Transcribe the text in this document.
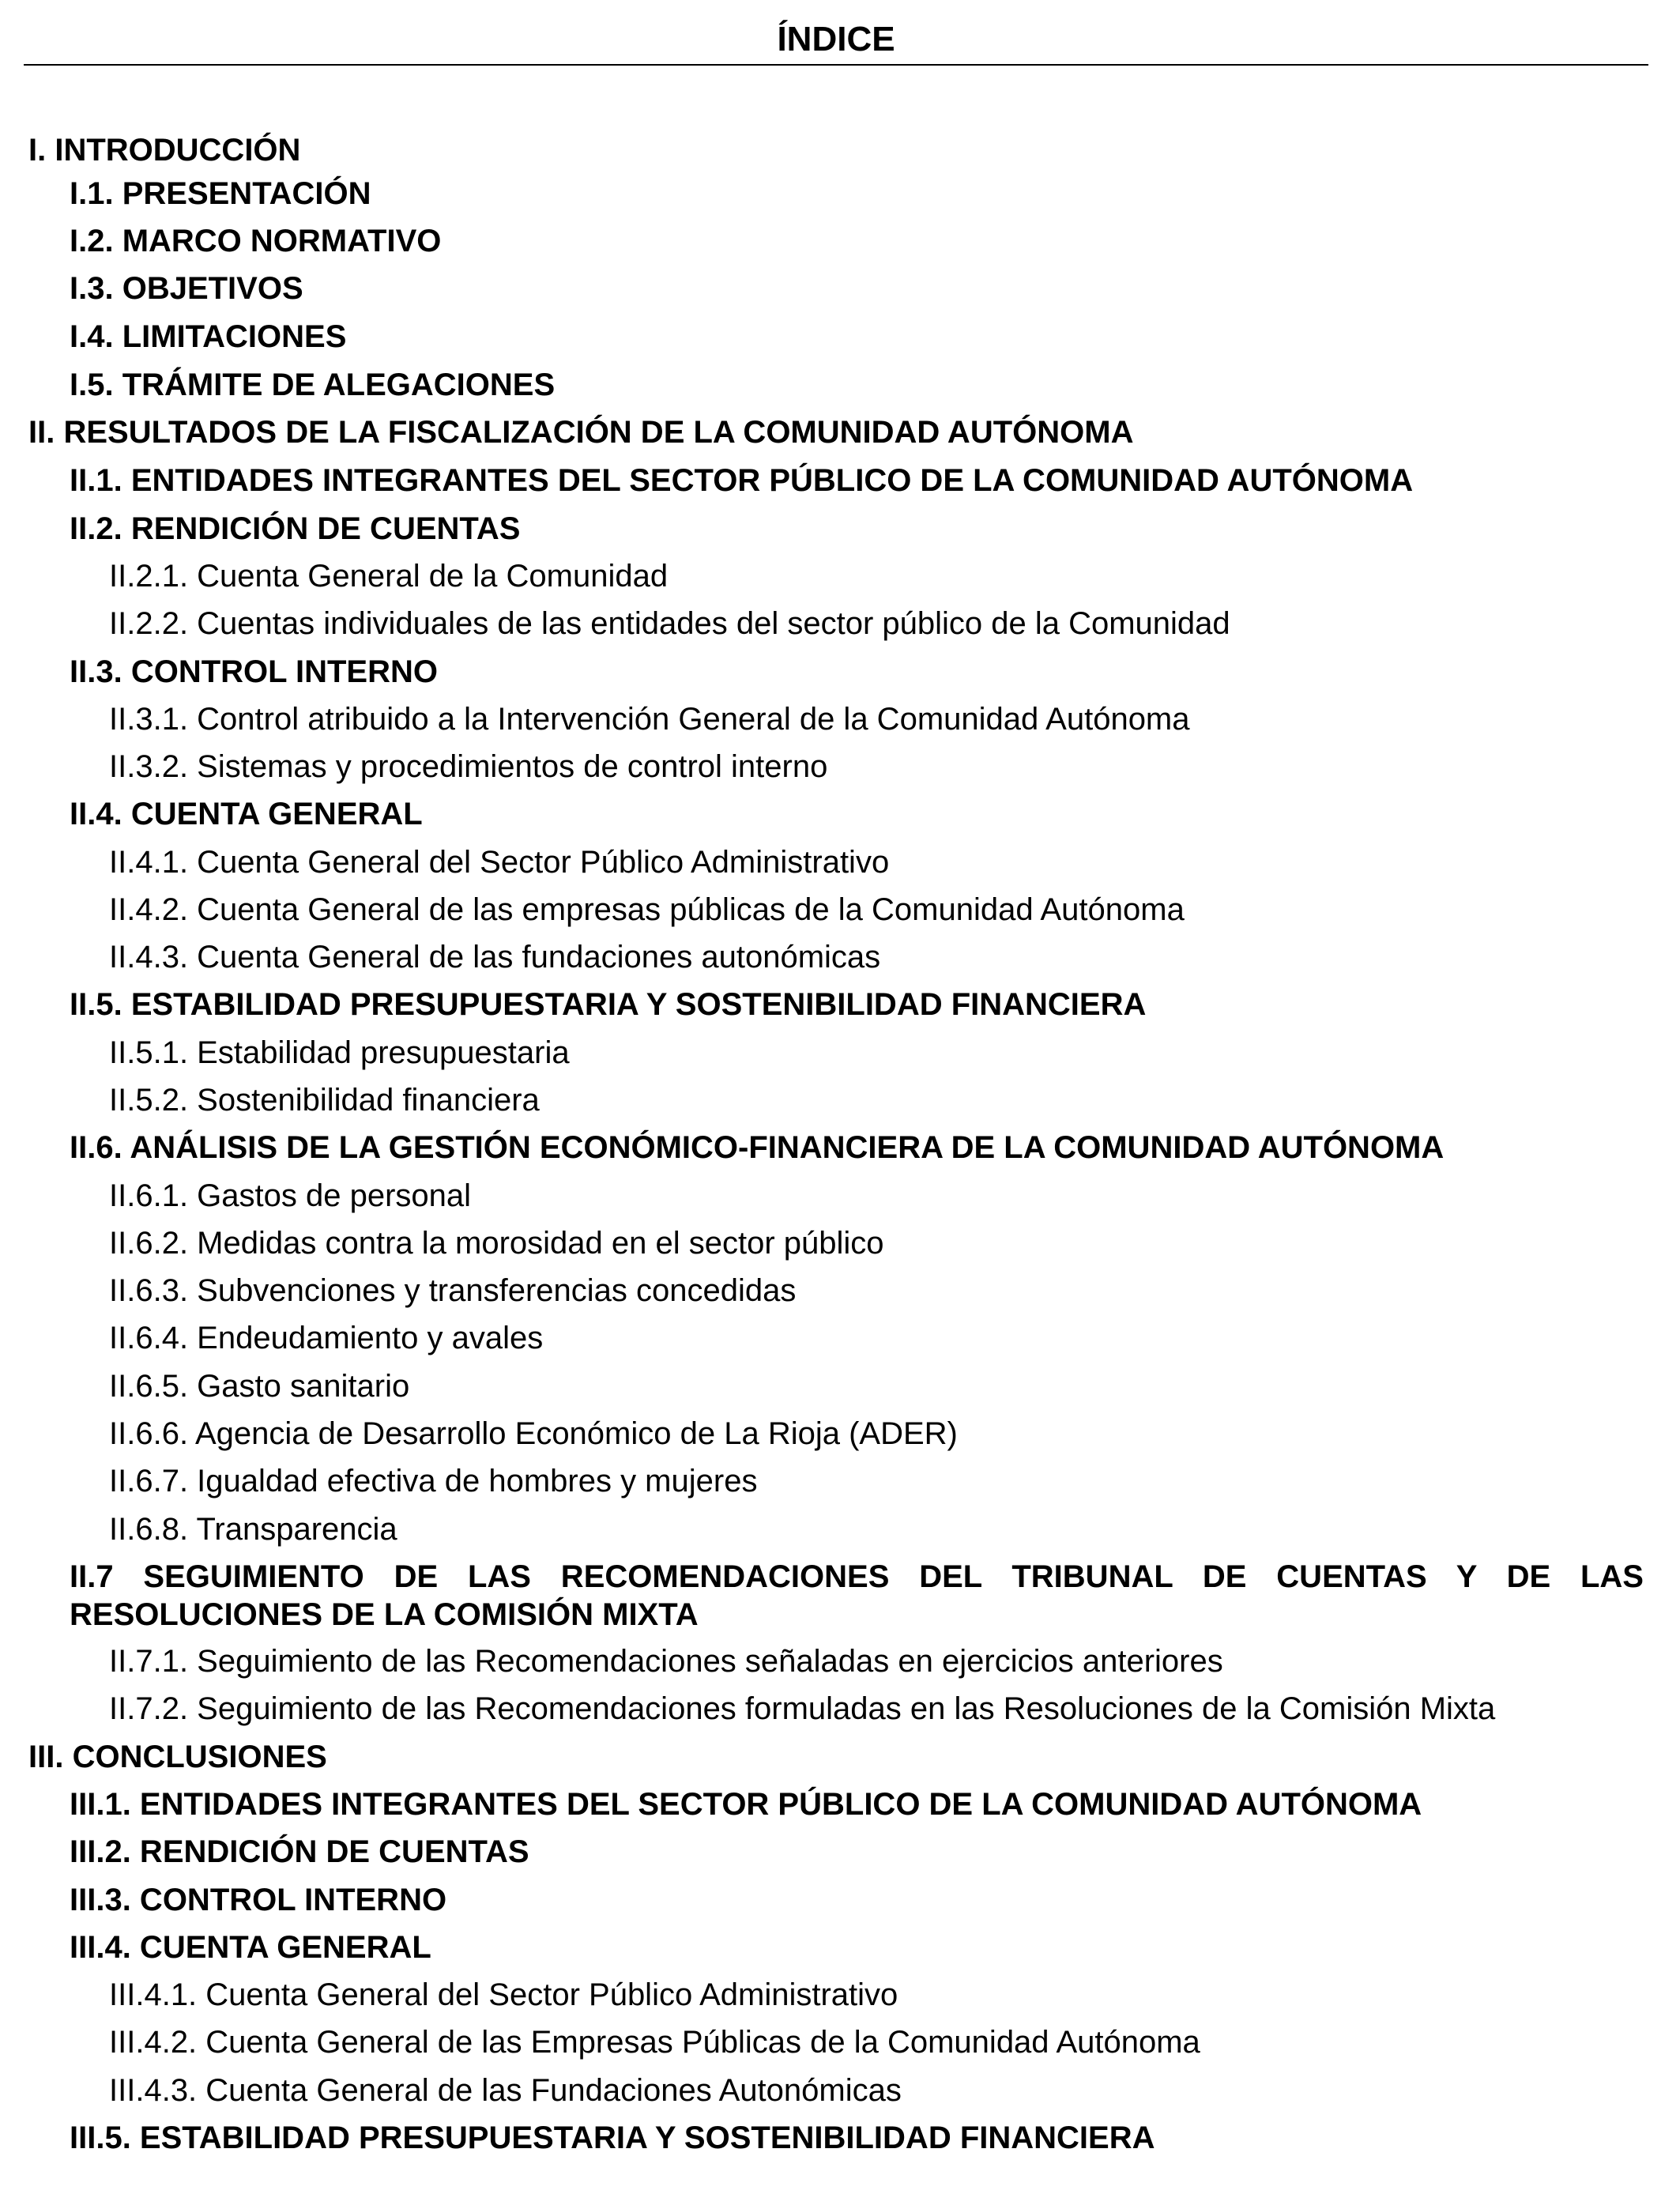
ÍNDICE
I. INTRODUCCIÓN
I.1. PRESENTACIÓN
I.2. MARCO NORMATIVO
I.3. OBJETIVOS
I.4. LIMITACIONES
I.5. TRÁMITE DE ALEGACIONES
II. RESULTADOS DE LA FISCALIZACIÓN DE LA COMUNIDAD AUTÓNOMA
II.1. ENTIDADES INTEGRANTES DEL SECTOR PÚBLICO DE LA COMUNIDAD AUTÓNOMA
II.2. RENDICIÓN DE CUENTAS
II.2.1. Cuenta General de la Comunidad
II.2.2. Cuentas individuales de las entidades del sector público de la Comunidad
II.3. CONTROL INTERNO
II.3.1. Control atribuido a la Intervención General de la Comunidad Autónoma
II.3.2. Sistemas y procedimientos de control interno
II.4. CUENTA GENERAL
II.4.1. Cuenta General del Sector Público Administrativo
II.4.2. Cuenta General de las empresas públicas de la Comunidad Autónoma
II.4.3. Cuenta General de las fundaciones autonómicas
II.5. ESTABILIDAD PRESUPUESTARIA Y SOSTENIBILIDAD FINANCIERA
II.5.1. Estabilidad presupuestaria
II.5.2. Sostenibilidad financiera
II.6. ANÁLISIS DE LA GESTIÓN ECONÓMICO-FINANCIERA DE LA COMUNIDAD AUTÓNOMA
II.6.1. Gastos de personal
II.6.2. Medidas contra la morosidad en el sector público
II.6.3. Subvenciones y transferencias concedidas
II.6.4. Endeudamiento y avales
II.6.5. Gasto sanitario
II.6.6. Agencia de Desarrollo Económico de La Rioja (ADER)
II.6.7. Igualdad efectiva de hombres y mujeres
II.6.8. Transparencia
II.7 SEGUIMIENTO DE LAS RECOMENDACIONES DEL TRIBUNAL DE CUENTAS Y DE LAS RESOLUCIONES DE LA COMISIÓN MIXTA
II.7.1. Seguimiento de las Recomendaciones señaladas en ejercicios anteriores
II.7.2. Seguimiento de las Recomendaciones formuladas en las Resoluciones de la Comisión Mixta
III. CONCLUSIONES
III.1. ENTIDADES INTEGRANTES DEL SECTOR PÚBLICO DE LA COMUNIDAD AUTÓNOMA
III.2. RENDICIÓN DE CUENTAS
III.3. CONTROL INTERNO
III.4. CUENTA GENERAL
III.4.1. Cuenta General del Sector Público Administrativo
III.4.2. Cuenta General de las Empresas Públicas de la Comunidad Autónoma
III.4.3. Cuenta General de las Fundaciones Autonómicas
III.5. ESTABILIDAD PRESUPUESTARIA Y SOSTENIBILIDAD FINANCIERA
